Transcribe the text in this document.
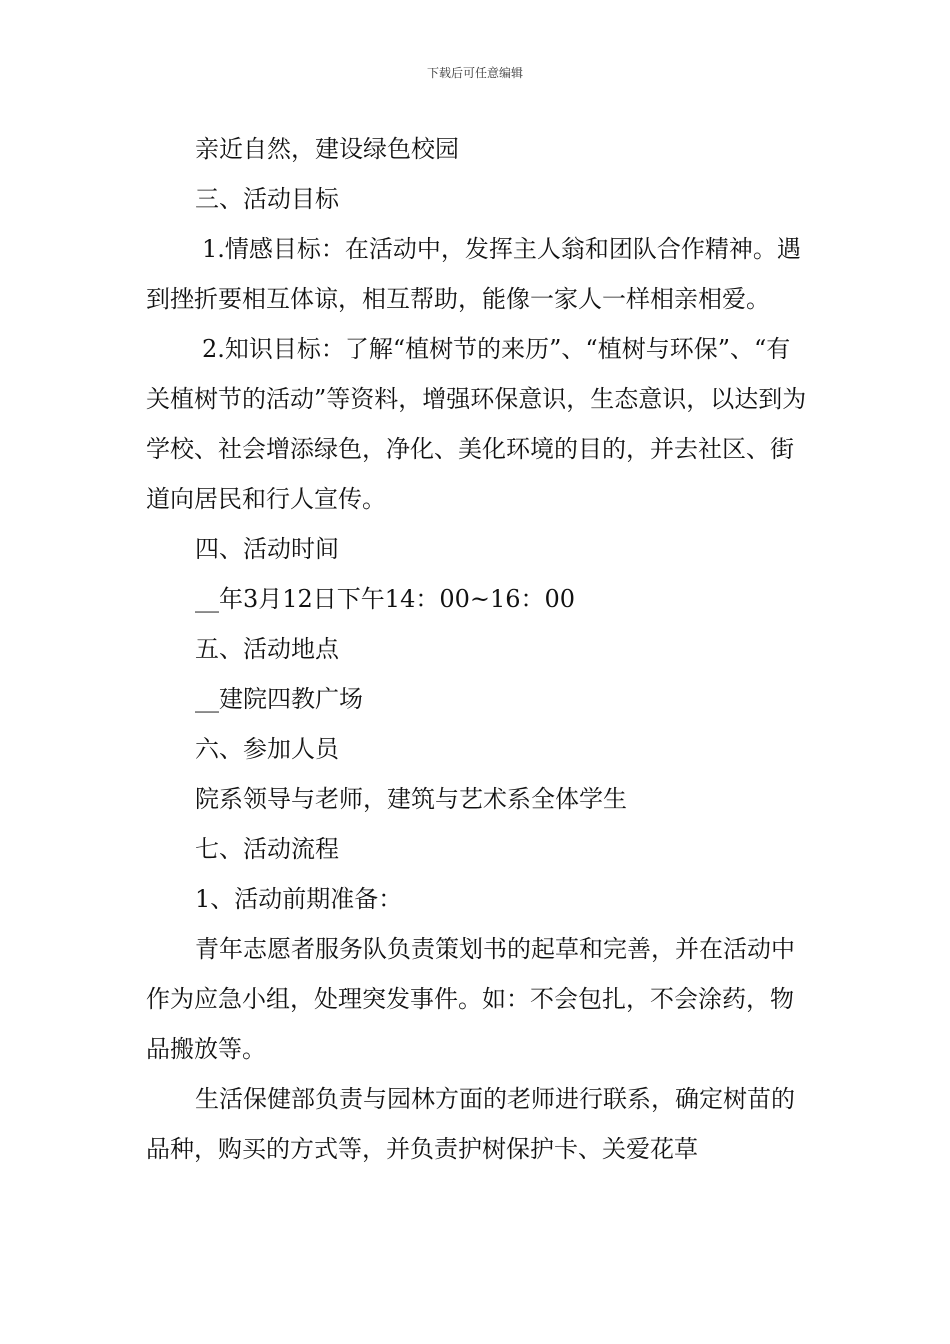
下载后可任意编辑

亲近自然，建设绿色校园

三、活动目标

1.情感目标：在活动中，发挥主人翁和团队合作精神。遇到挫折要相互体谅，相互帮助，能像一家人一样相亲相爱。

2.知识目标：了解“植树节的来历”、“植树与环保”、“有关植树节的活动”等资料，增强环保意识，生态意识，以达到为学校、社会增添绿色，净化、美化环境的目的，并去社区、街道向居民和行人宣传。

四、活动时间

__年3月12日下午14：00~16：00

五、活动地点

__建院四教广场

六、参加人员

院系领导与老师，建筑与艺术系全体学生

七、活动流程

1、活动前期准备：

青年志愿者服务队负责策划书的起草和完善，并在活动中作为应急小组，处理突发事件。如：不会包扎，不会涂药，物品搬放等。

生活保健部负责与园林方面的老师进行联系，确定树苗的品种，购买的方式等，并负责护树保护卡、关爱花草
